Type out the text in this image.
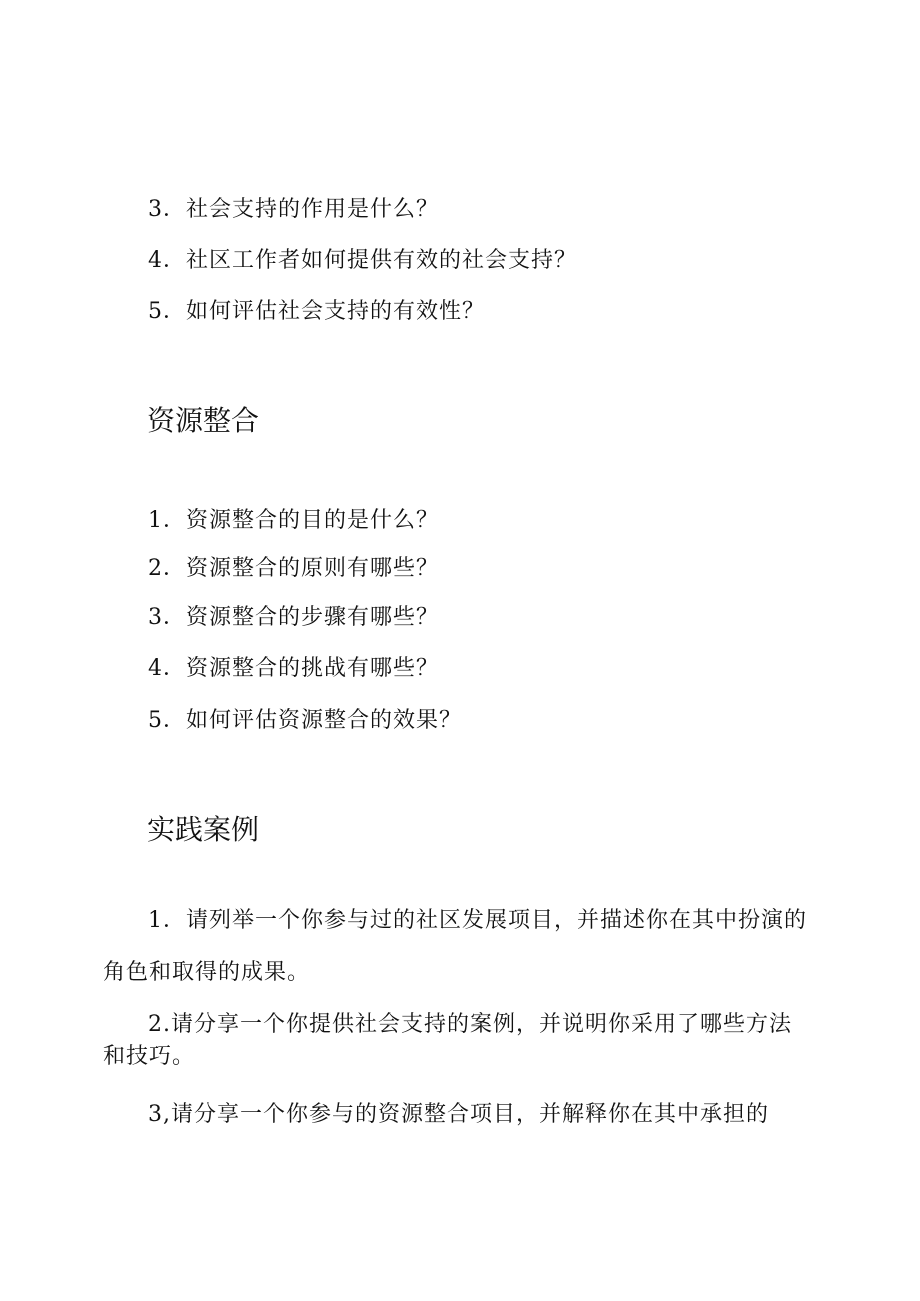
3．社会支持的作用是什么？
4．社区工作者如何提供有效的社会支持？
5．如何评估社会支持的有效性？
资源整合
1．资源整合的目的是什么？
2．资源整合的原则有哪些？
3．资源整合的步骤有哪些？
4．资源整合的挑战有哪些？
5．如何评估资源整合的效果？
实践案例
1．请列举一个你参与过的社区发展项目，并描述你在其中扮演的
角色和取得的成果。
2.请分享一个你提供社会支持的案例，并说明你采用了哪些方法
和技巧。
3,请分享一个你参与的资源整合项目，并解释你在其中承担的
